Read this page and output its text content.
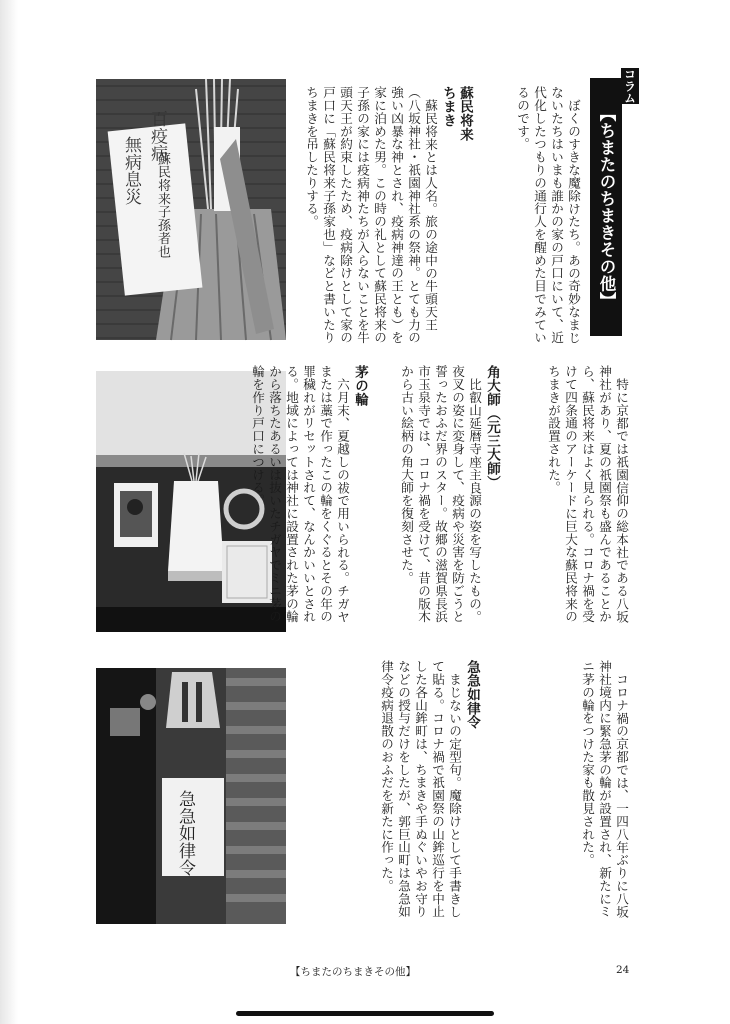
コラム
【ちまたのちまきその他】
百疫病
無病息災 蘇民将来子孫者也
急急如律令

ぼくのすきな魔除けたち。あの奇妙なまじないたちはいまも誰かの家の戸口にいて、近代化したつもりの通行人を醒めた目でみているのです。

蘇民将来

ちまき

蘇民将来とは人名。旅の途中の牛頭天王（八坂神社・祇園神社系の祭神。とても力の強い凶暴な神とされ、疫病神達の王とも）を家に泊めた男。この時の礼として蘇民将来の子孫の家には疫病神たちが入らないことを牛頭天王が約束したため、疫病除けとして家の戸口に「蘇民将来子孫家也」などと書いたりちまきを吊したりする。

特に京都では祇園信仰の総本社である八坂神社があり、夏の祇園祭も盛んであることから、蘇民将来はよく見られる。コロナ禍を受けて四条通のアーケードに巨大な蘇民将来のちまきが設置された。

角大師（元三大師）

比叡山延暦寺座主良源の姿を写したもの。夜叉の姿に変身して、疫病や災害を防ごうと誓ったおふだ界のスター。故郷の滋賀県長浜市玉泉寺では、コロナ禍を受けて、昔の版木から古い絵柄の角大師を復刻させた。

茅の輪

六月末、夏越しの祓で用いられる。チガヤまたは藁で作ったこの輪をくぐるとその年の罪穢れがリセットされて、なんかいいとされる。地域によっては神社に設置された茅の輪から落ちたあるいは抜いたチガヤでミニ茅の輪を作り戸口につける。

コロナ禍の京都では、一四八年ぶりに八坂神社境内に緊急茅の輪が設置され、新たにミニ茅の輪をつけた家も散見された。

急急如律令

まじないの定型句。魔除けとして手書きして貼る。コロナ禍で祇園祭の山鉾巡行を中止した各山鉾町は、ちまきや手ぬぐいやお守りなどの授与だけをしたが、郭巨山町は急急如律令疫病退散のおふだを新たに作った。

【ちまたのちまきその他】	24
